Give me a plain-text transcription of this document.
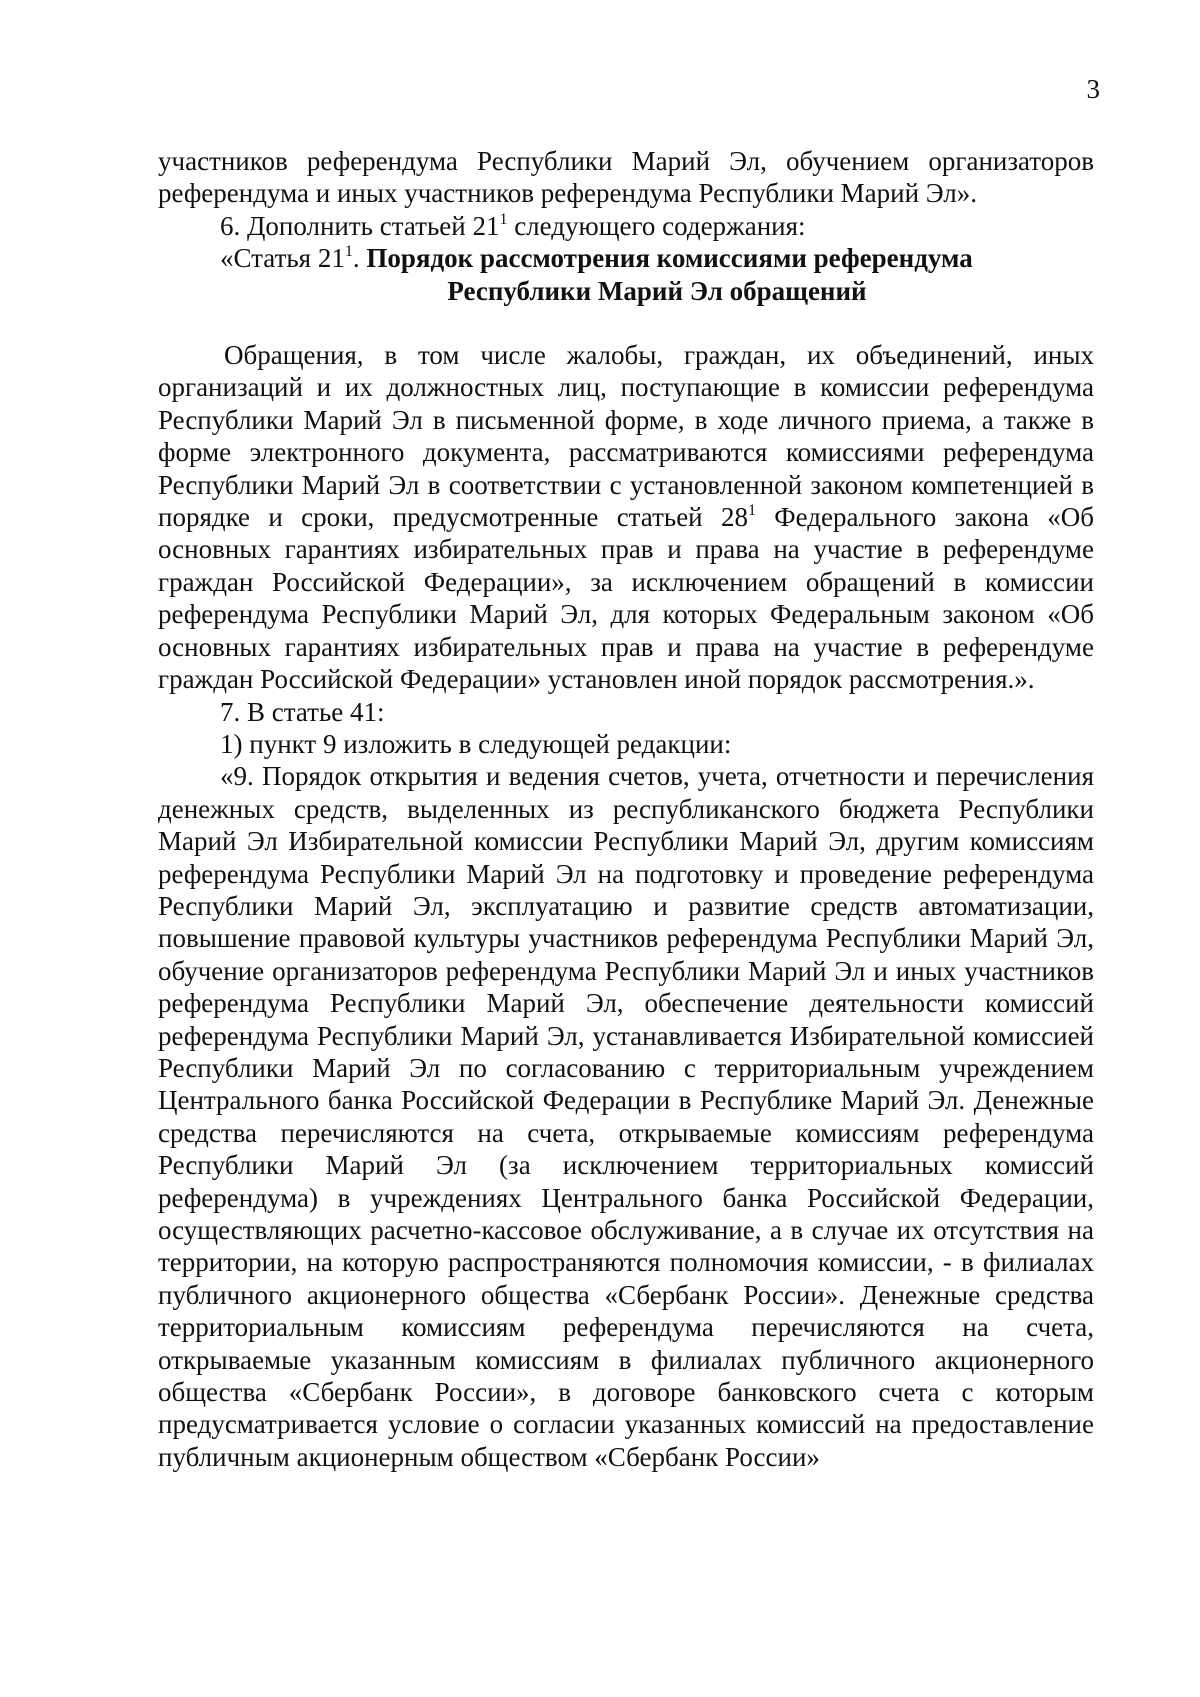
3

участников референдума Республики Марий Эл, обучением организаторов референдума и иных участников референдума Республики Марий Эл».

6. Дополнить статьей $21^1$ следующего содержания:

«Статья $21^1$. Порядок рассмотрения комиссиями референдума

Республики Марий Эл обращений

Обращения, в том числе жалобы, граждан, их объединений, иных организаций и их должностных лиц, поступающие в комиссии референдума Республики Марий Эл в письменной форме, в ходе личного приема, а также в форме электронного документа, рассматриваются комиссиями референдума Республики Марий Эл в соответствии с установленной законом компетенцией в порядке и сроки, предусмотренные статьей $28^1$ Федерального закона «Об основных гарантиях избирательных прав и права на участие в референдуме граждан Российской Федерации», за исключением обращений в комиссии референдума Республики Марий Эл, для которых Федеральным законом «Об основных гарантиях избирательных прав и права на участие в референдуме граждан Российской Федерации» установлен иной порядок рассмотрения.».

7. В статье 41:

1) пункт 9 изложить в следующей редакции:

«9. Порядок открытия и ведения счетов, учета, отчетности и перечисления денежных средств, выделенных из республиканского бюджета Республики Марий Эл Избирательной комиссии Республики Марий Эл, другим комиссиям референдума Республики Марий Эл на подготовку и проведение референдума Республики Марий Эл, эксплуатацию и развитие средств автоматизации, повышение правовой культуры участников референдума Республики Марий Эл, обучение организаторов референдума Республики Марий Эл и иных участников референдума Республики Марий Эл, обеспечение деятельности комиссий референдума Республики Марий Эл, устанавливается Избирательной комиссией Республики Марий Эл по согласованию с территориальным учреждением Центрального банка Российской Федерации в Республике Марий Эл. Денежные средства перечисляются на счета, открываемые комиссиям референдума Республики Марий Эл (за исключением территориальных комиссий референдума) в учреждениях Центрального банка Российской Федерации, осуществляющих расчетно-кассовое обслуживание, а в случае их отсутствия на территории, на которую распространяются полномочия комиссии, - в филиалах публичного акционерного общества «Сбербанк России». Денежные средства территориальным комиссиям референдума перечисляются на счета, открываемые указанным комиссиям в филиалах публичного акционерного общества «Сбербанк России», в договоре банковского счета с которым предусматривается условие о согласии указанных комиссий на предоставление публичным акционерным обществом «Сбербанк России»
